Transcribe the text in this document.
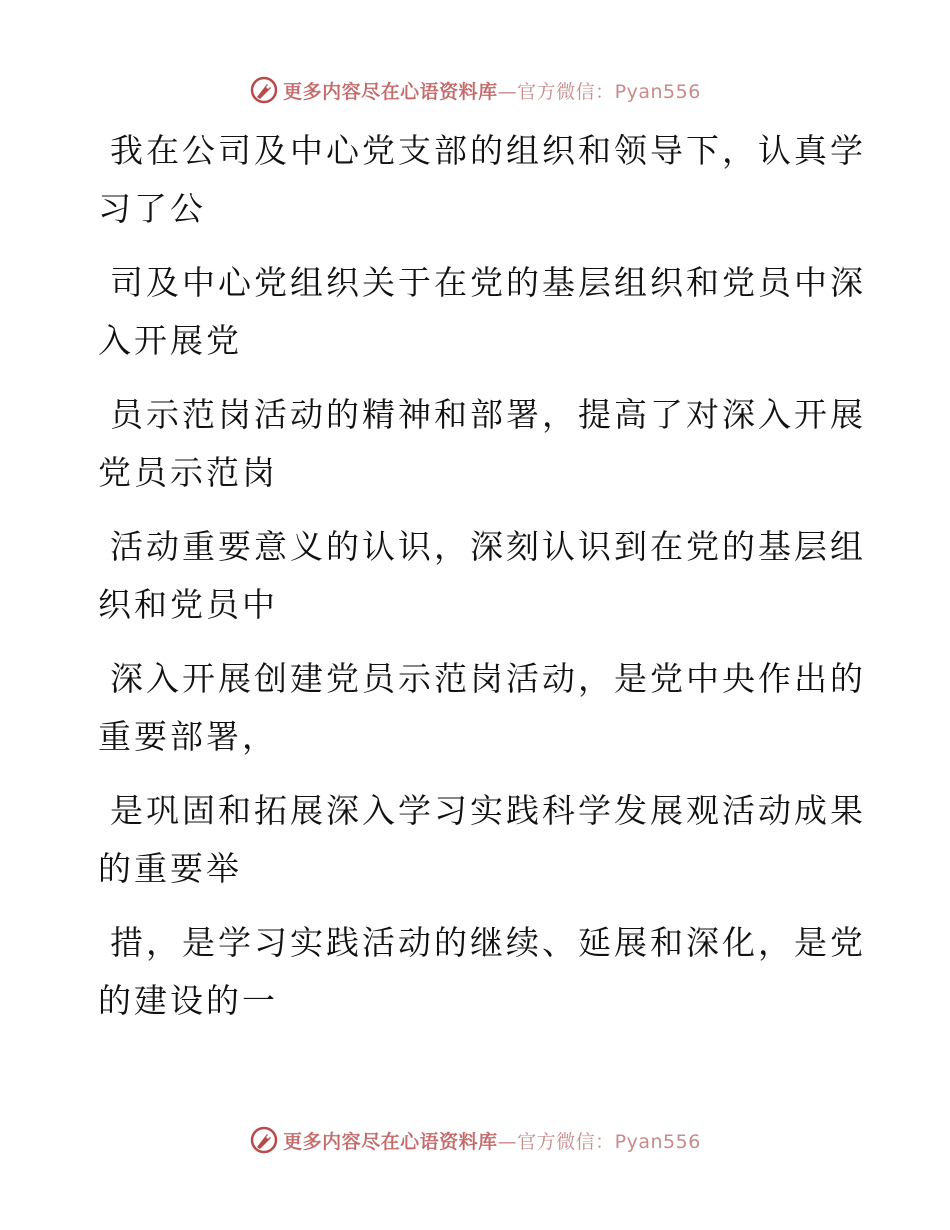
更多内容尽在心语资料库—官方微信：Pyan556

我在公司及中心党支部的组织和领导下，认真学

习了公

司及中心党组织关于在党的基层组织和党员中深

入开展党

员示范岗活动的精神和部署，提高了对深入开展

党员示范岗

活动重要意义的认识，深刻认识到在党的基层组

织和党员中

深入开展创建党员示范岗活动，是党中央作出的

重要部署，

是巩固和拓展深入学习实践科学发展观活动成果

的重要举

措，是学习实践活动的继续、延展和深化，是党

的建设的一

更多内容尽在心语资料库—官方微信：Pyan556
